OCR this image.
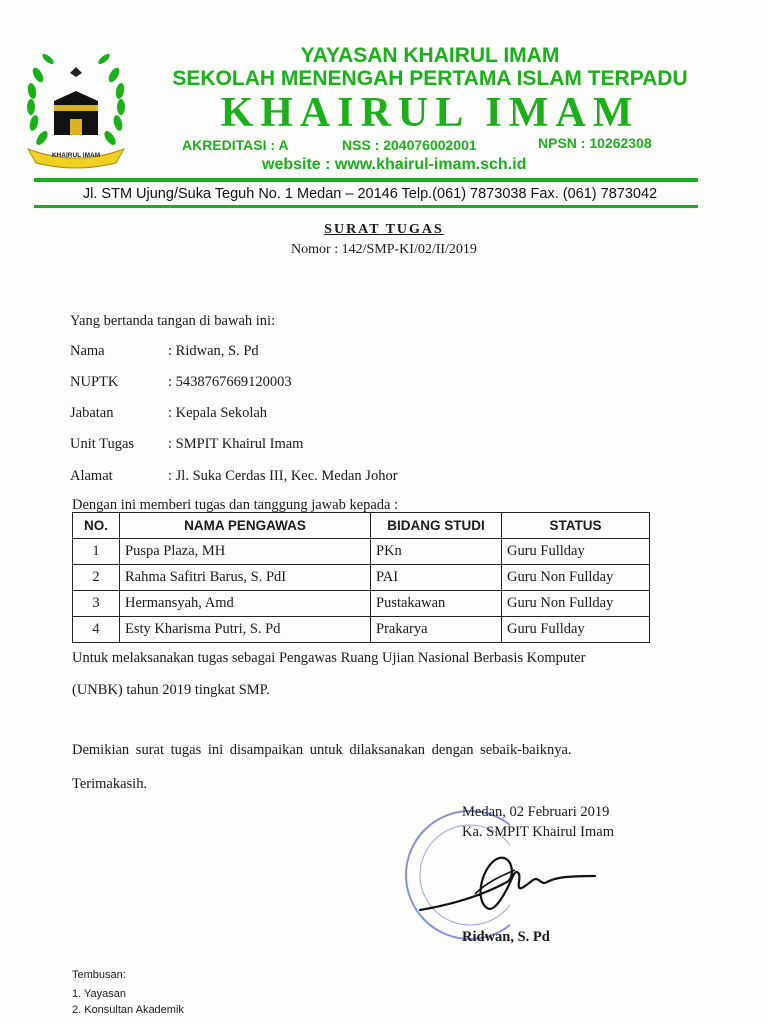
KHAIRUL IMAM
YAYASAN KHAIRUL IMAM
SEKOLAH MENENGAH PERTAMA ISLAM TERPADU
KHAIRUL IMAM
AKREDITASI : A	NSS : 204076002001	NPSN : 10262308
website : www.khairul-imam.sch.id
Jl. STM Ujung/Suka Teguh No. 1 Medan – 20146 Telp.(061) 7873038 Fax. (061) 7873042
SURAT TUGAS
Nomor : 142/SMP-KI/02/II/2019
Yang bertanda tangan di bawah ini:
Nama	: Ridwan, S. Pd
NUPTK	: 5438767669120003
Jabatan	: Kepala Sekolah
Unit Tugas : SMPIT Khairul Imam
Alamat	: Jl. Suka Cerdas III, Kec. Medan Johor
Dengan ini memberi tugas dan tanggung jawab kepada :
NO.	NAMA PENGAWAS	BIDANG STUDI	STATUS
1	Puspa Plaza, MH	PKn	Guru Fullday
2	Rahma Safitri Barus, S. PdI	PAI	Guru Non Fullday
3	Hermansyah, Amd	Pustakawan	Guru Non Fullday
4	Esty Kharisma Putri, S. Pd	Prakarya	Guru Fullday
Untuk melaksanakan tugas sebagai Pengawas Ruang Ujian Nasional Berbasis Komputer
(UNBK) tahun 2019 tingkat SMP.
Demikian surat tugas ini disampaikan untuk dilaksanakan dengan sebaik-baiknya.
Terimakasih.
Medan, 02 Februari 2019
Ka. SMPIT Khairul Imam
Ridwan, S. Pd
Tembusan:
1. Yayasan
2. Konsultan Akademik
